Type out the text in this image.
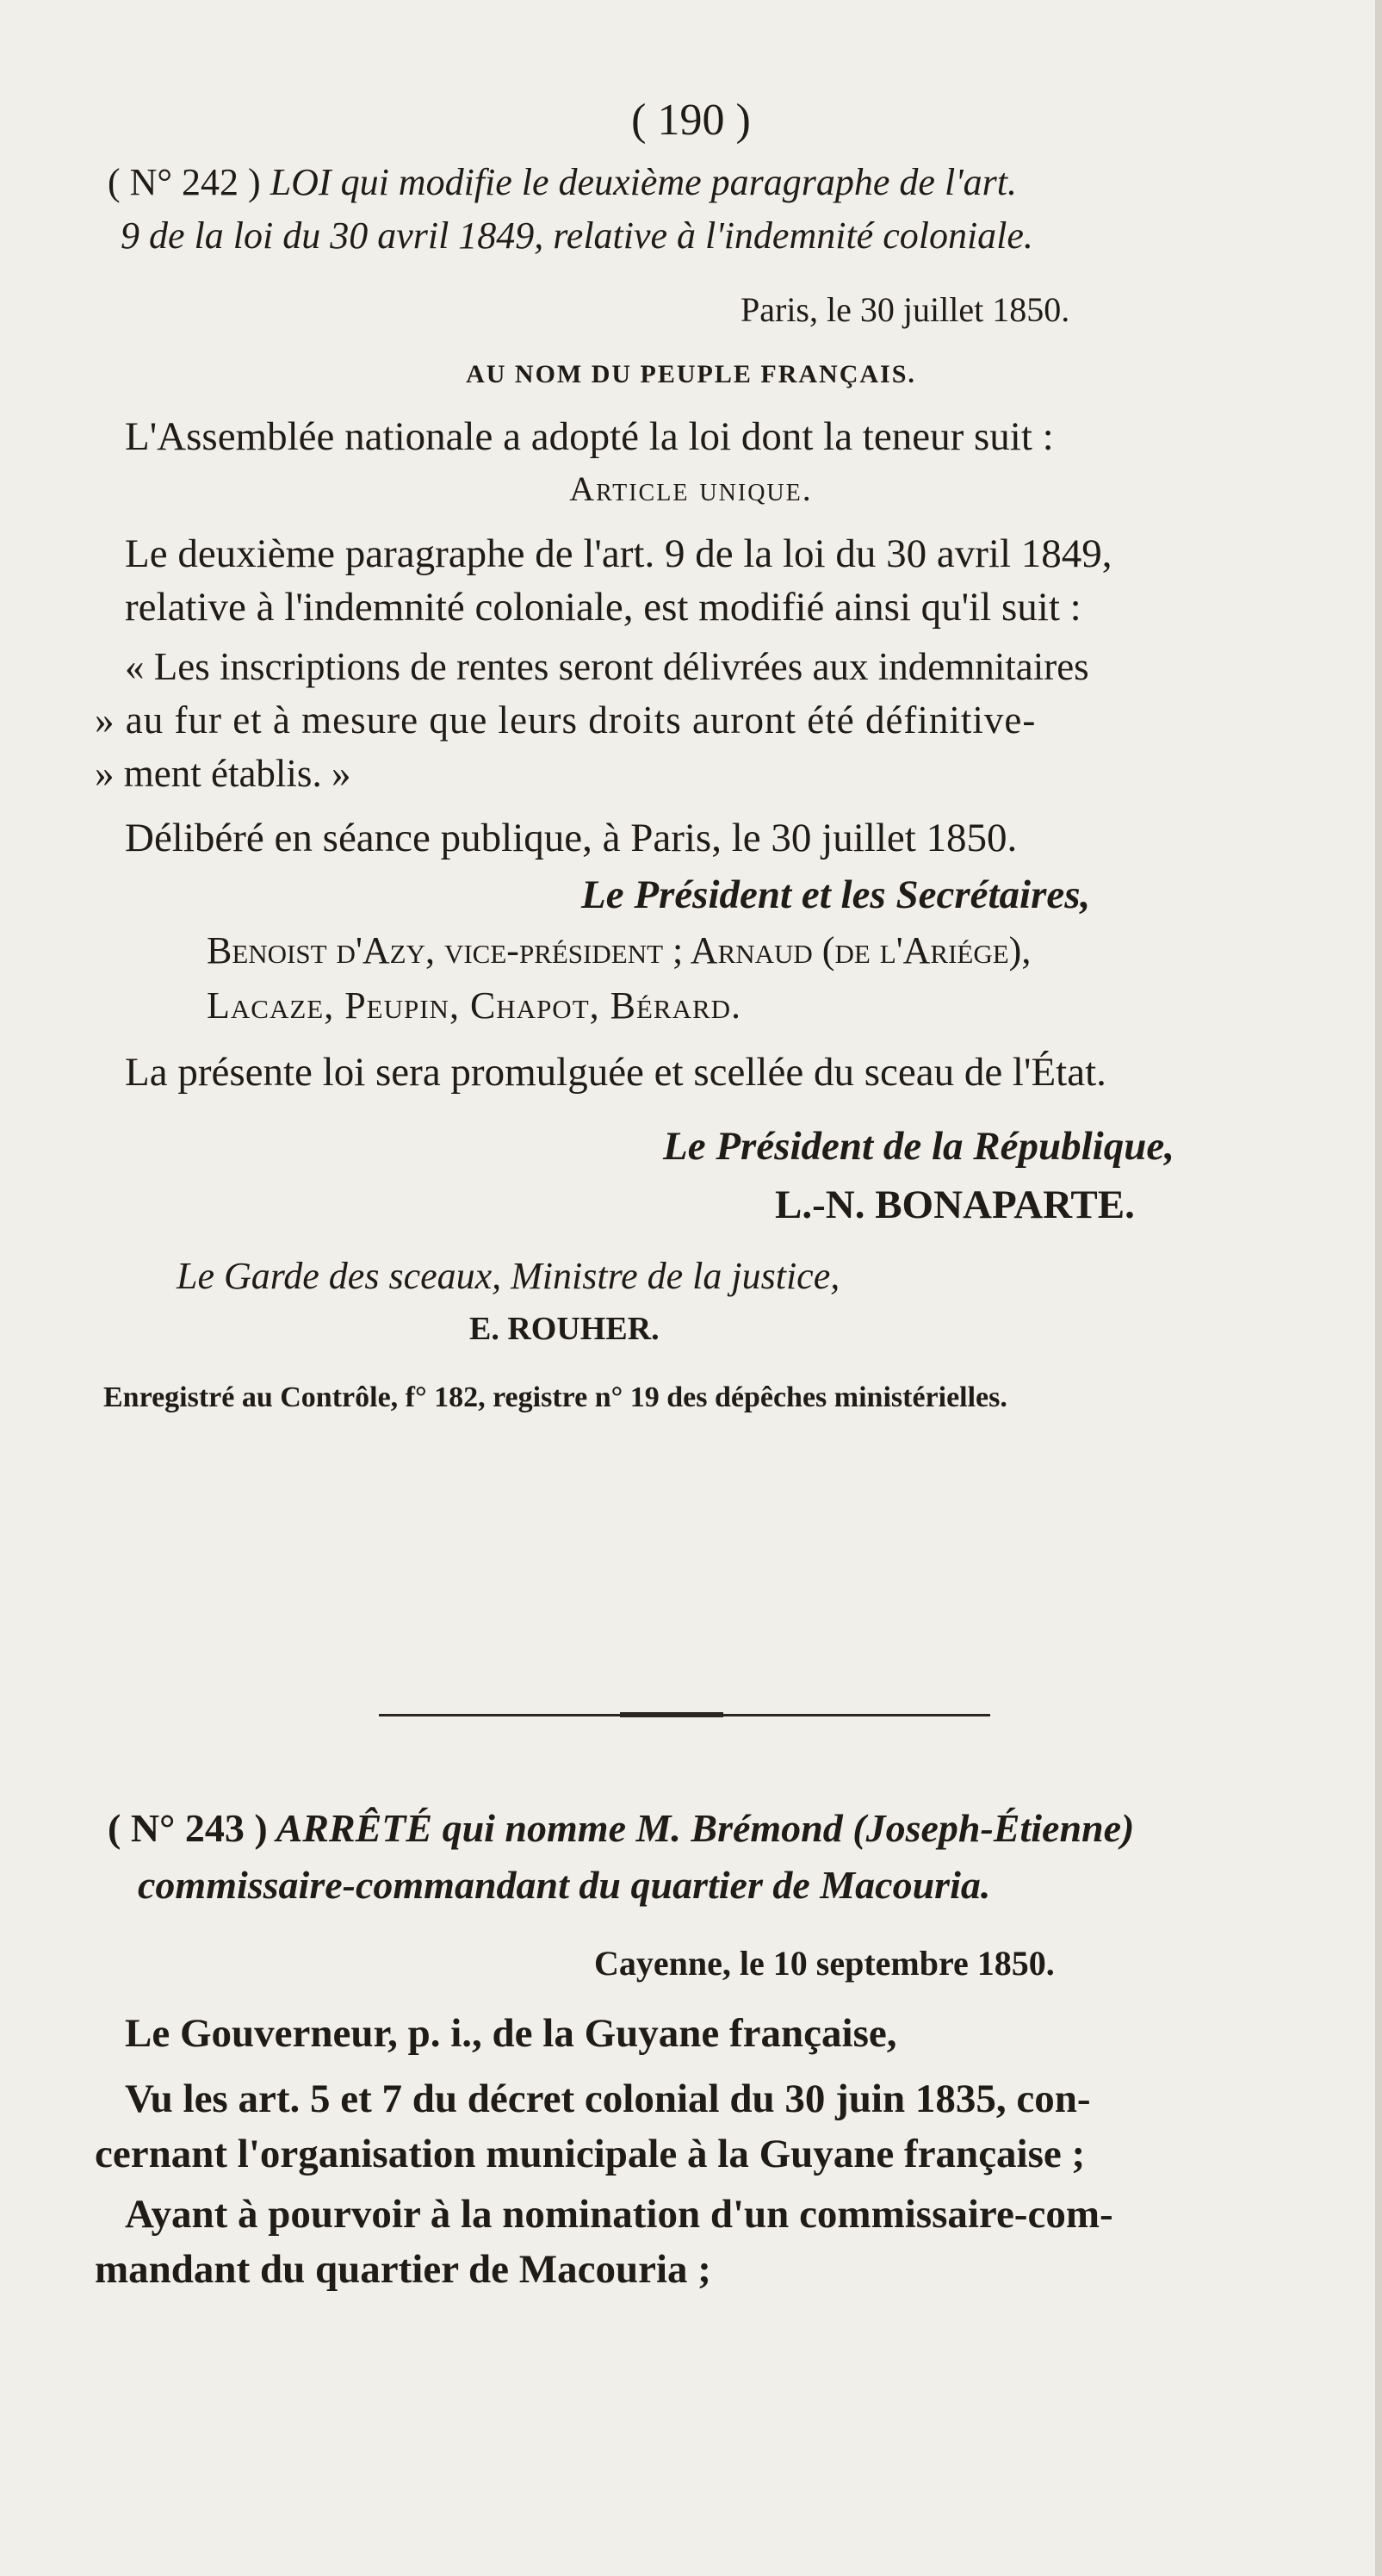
( 190 )
( N° 242 ) LOI qui modifie le deuxième paragraphe de l'art.
9 de la loi du 30 avril 1849, relative à l'indemnité coloniale.
Paris, le 30 juillet 1850.
AU NOM DU PEUPLE FRANÇAIS.
L'Assemblée nationale a adopté la loi dont la teneur suit :
Article unique.
Le deuxième paragraphe de l'art. 9 de la loi du 30 avril 1849,
relative à l'indemnité coloniale, est modifié ainsi qu'il suit :
« Les inscriptions de rentes seront délivrées aux indemnitaires
» au fur et à mesure que leurs droits auront été définitive-
» ment établis. »
Délibéré en séance publique, à Paris, le 30 juillet 1850.
Le Président et les Secrétaires,
Benoist d'Azy, vice-président ; Arnaud (de l'Ariége),
Lacaze, Peupin, Chapot, Bérard.
La présente loi sera promulguée et scellée du sceau de l'État.
Le Président de la République,
L.-N. BONAPARTE.
Le Garde des sceaux, Ministre de la justice,
E. ROUHER.
Enregistré au Contrôle, f° 182, registre n° 19 des dépêches ministérielles.
( N° 243 ) ARRÊTÉ qui nomme M. Brémond (Joseph-Étienne)
commissaire-commandant du quartier de Macouria.
Cayenne, le 10 septembre 1850.
Le Gouverneur, p. i., de la Guyane française,
Vu les art. 5 et 7 du décret colonial du 30 juin 1835, con-
cernant l'organisation municipale à la Guyane française ;
Ayant à pourvoir à la nomination d'un commissaire-com-
mandant du quartier de Macouria ;
